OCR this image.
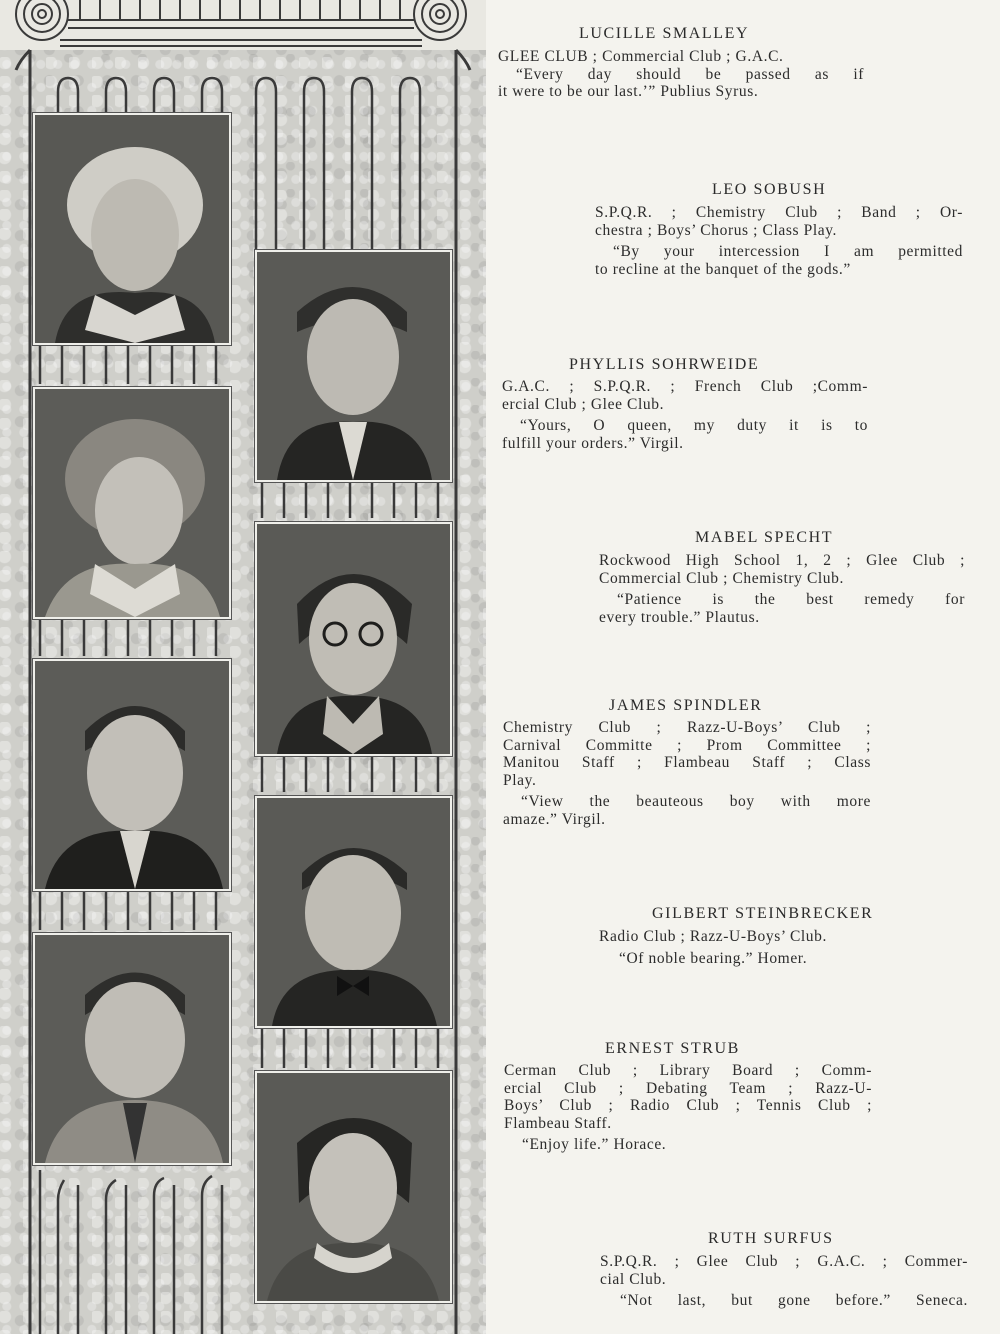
LUCILLE SMALLEY
GLEE CLUB ; Commercial Club ; G.A.C.
“Every day should be passed as if
it were to be our last.’” Publius Syrus.
LEO SOBUSH
S.P.Q.R. ; Chemistry Club ; Band ; Or-
chestra ; Boys’ Chorus ; Class Play.
“By your intercession I am permitted
to recline at the banquet of the gods.”
PHYLLIS SOHRWEIDE
G.A.C. ; S.P.Q.R. ; French Club ;Comm-
ercial Club ; Glee Club.
“Yours, O queen, my duty it is to
fulfill your orders.” Virgil.
MABEL SPECHT
Rockwood High School 1, 2 ; Glee Club ;
Commercial Club ; Chemistry Club.
“Patience is the best remedy for
every trouble.” Plautus.
JAMES SPINDLER
Chemistry Club ; Razz-U-Boys’ Club ;
Carnival Committe ; Prom Committee ;
Manitou Staff ; Flambeau Staff ; Class
Play.
“View the beauteous boy with more
amaze.” Virgil.
GILBERT STEINBRECKER
Radio Club ; Razz-U-Boys’ Club.
“Of noble bearing.” Homer.
ERNEST STRUB
Cerman Club ; Library Board ; Comm-
ercial Club ; Debating Team ; Razz-U-
Boys’ Club ; Radio Club ; Tennis Club ;
Flambeau Staff.
“Enjoy life.” Horace.
RUTH SURFUS
S.P.Q.R. ; Glee Club ; G.A.C. ; Commer-
cial Club.
“Not last, but gone before.” Seneca.
